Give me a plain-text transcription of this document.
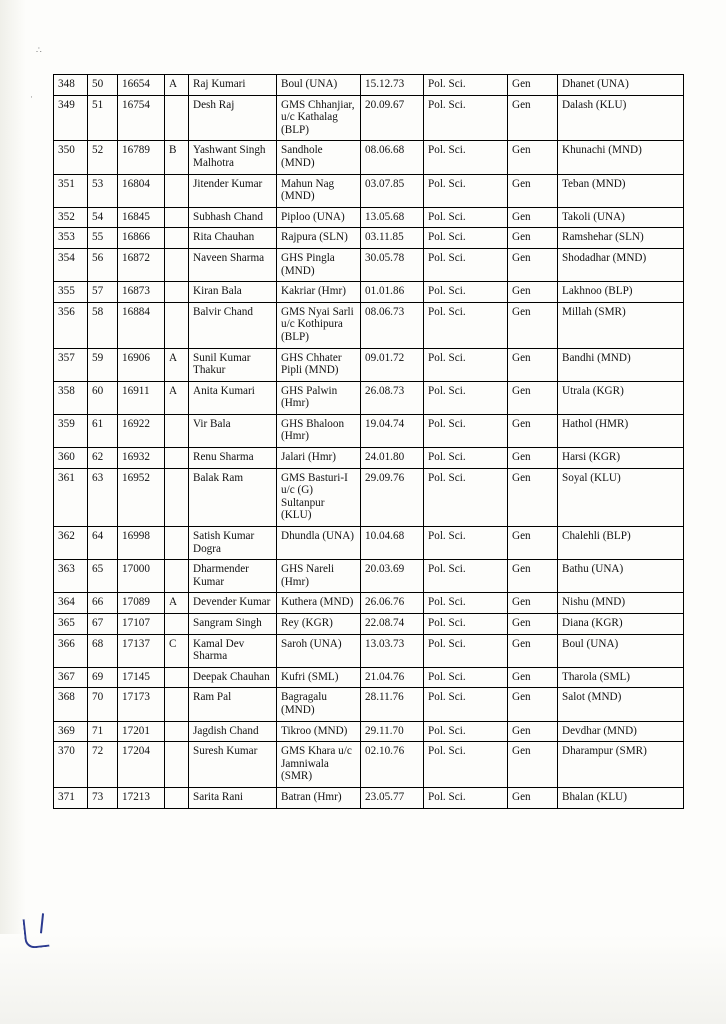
∴
·
348	50	16654	A	Raj Kumari	Boul (UNA)	15.12.73	Pol. Sci.	Gen	Dhanet (UNA)
349	51	16754		Desh Raj	GMS Chhanjiar, u/c Kathalag (BLP)	20.09.67	Pol. Sci.	Gen	Dalash (KLU)
350	52	16789	B	Yashwant Singh Malhotra	Sandhole (MND)	08.06.68	Pol. Sci.	Gen	Khunachi (MND)
351	53	16804		Jitender Kumar	Mahun Nag (MND)	03.07.85	Pol. Sci.	Gen	Teban (MND)
352	54	16845		Subhash Chand	Piploo (UNA)	13.05.68	Pol. Sci.	Gen	Takoli (UNA)
353	55	16866		Rita Chauhan	Rajpura (SLN)	03.11.85	Pol. Sci.	Gen	Ramshehar (SLN)
354	56	16872		Naveen Sharma	GHS Pingla (MND)	30.05.78	Pol. Sci.	Gen	Shodadhar (MND)
355	57	16873		Kiran Bala	Kakriar (Hmr)	01.01.86	Pol. Sci.	Gen	Lakhnoo (BLP)
356	58	16884		Balvir Chand	GMS Nyai Sarli u/c Kothipura (BLP)	08.06.73	Pol. Sci.	Gen	Millah (SMR)
357	59	16906	A	Sunil Kumar Thakur	GHS Chhater Pipli (MND)	09.01.72	Pol. Sci.	Gen	Bandhi (MND)
358	60	16911	A	Anita Kumari	GHS Palwin (Hmr)	26.08.73	Pol. Sci.	Gen	Utrala (KGR)
359	61	16922		Vir Bala	GHS Bhaloon (Hmr)	19.04.74	Pol. Sci.	Gen	Hathol (HMR)
360	62	16932		Renu Sharma	Jalari (Hmr)	24.01.80	Pol. Sci.	Gen	Harsi (KGR)
361	63	16952		Balak Ram	GMS Basturi-I u/c (G) Sultanpur (KLU)	29.09.76	Pol. Sci.	Gen	Soyal (KLU)
362	64	16998		Satish Kumar Dogra	Dhundla (UNA)	10.04.68	Pol. Sci.	Gen	Chalehli (BLP)
363	65	17000		Dharmender Kumar	GHS Nareli (Hmr)	20.03.69	Pol. Sci.	Gen	Bathu (UNA)
364	66	17089	A	Devender Kumar	Kuthera (MND)	26.06.76	Pol. Sci.	Gen	Nishu (MND)
365	67	17107		Sangram Singh	Rey (KGR)	22.08.74	Pol. Sci.	Gen	Diana (KGR)
366	68	17137	C	Kamal Dev Sharma	Saroh (UNA)	13.03.73	Pol. Sci.	Gen	Boul (UNA)
367	69	17145		Deepak Chauhan	Kufri (SML)	21.04.76	Pol. Sci.	Gen	Tharola (SML)
368	70	17173		Ram Pal	Bagragalu (MND)	28.11.76	Pol. Sci.	Gen	Salot (MND)
369	71	17201		Jagdish Chand	Tikroo (MND)	29.11.70	Pol. Sci.	Gen	Devdhar (MND)
370	72	17204		Suresh Kumar	GMS Khara u/c Jamniwala (SMR)	02.10.76	Pol. Sci.	Gen	Dharampur (SMR)
371	73	17213		Sarita Rani	Batran (Hmr)	23.05.77	Pol. Sci.	Gen	Bhalan (KLU)
